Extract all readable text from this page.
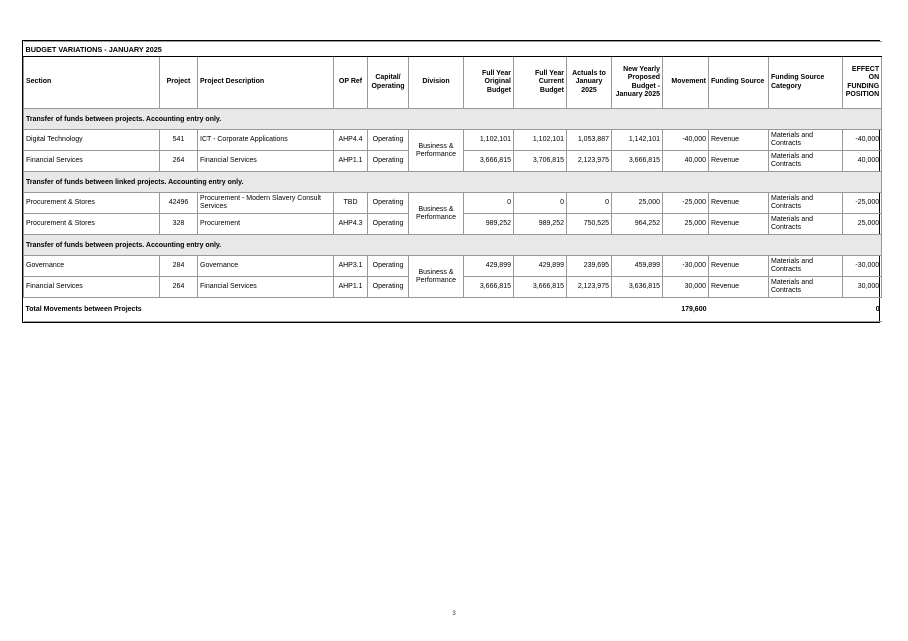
BUDGET VARIATIONS - JANUARY 2025													
Section	Project	Project Description	OP Ref	Capital/ Operating	Division	Full Year Original Budget	Full Year Current Budget	Actuals to January 2025	New Yearly Proposed Budget - January 2025	Movement	Funding Source	Funding Source Category	EFFECT ON FUNDING POSITION
Transfer of funds between projects. Accounting entry only.													
Digital Technology	541	ICT - Corporate Applications	AHP4.4	Operating	Business & Performance	1,102,101	1,102,101	1,053,887	1,142,101	-40,000	Revenue	Materials and Contracts	-40,000
Financial Services	264	Financial Services	AHP1.1	Operating		3,666,815	3,706,815	2,123,975	3,666,815	40,000	Revenue	Materials and Contracts	40,000
Transfer of funds between linked projects. Accounting entry only.													
Procurement & Stores	42496	Procurement - Modern Slavery Consult Services	TBD	Operating	Business & Performance	0	0	0	25,000	-25,000	Revenue	Materials and Contracts	-25,000
Procurement & Stores	328	Procurement	AHP4.3	Operating		989,252	989,252	750,525	964,252	25,000	Revenue	Materials and Contracts	25,000
Transfer of funds between projects. Accounting entry only.													
Governance	284	Governance	AHP3.1	Operating	Business & Performance	429,899	429,899	239,695	459,899	-30,000	Revenue	Materials and Contracts	-30,000
Financial Services	264	Financial Services	AHP1.1	Operating		3,666,815	3,666,815	2,123,975	3,636,815	30,000	Revenue	Materials and Contracts	30,000
Total Movements between Projects										179,600			0
3
